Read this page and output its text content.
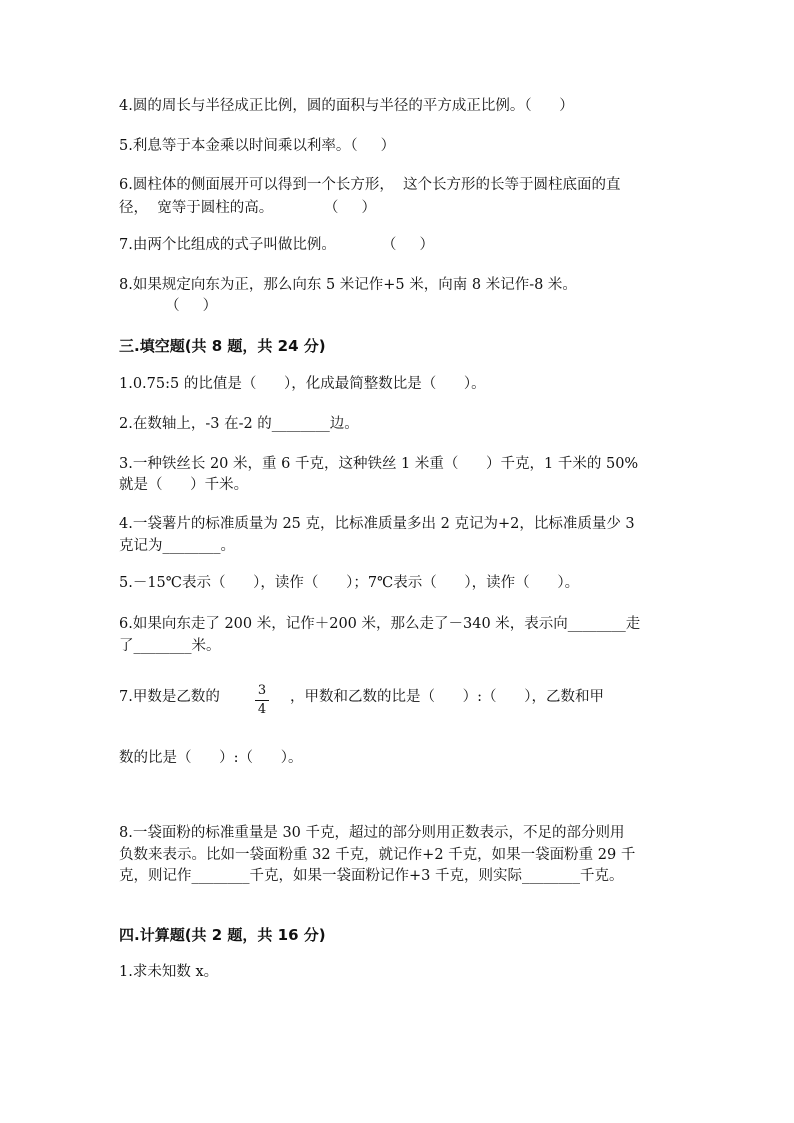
4.圆的周长与半径成正比例，圆的面积与半径的平方成正比例。（      ）
5.利息等于本金乘以时间乘以利率。（     ）
6.圆柱体的侧面展开可以得到一个长方形，  这个长方形的长等于圆柱底面的直
径，  宽等于圆柱的高。           （     ）
7.由两个比组成的式子叫做比例。          （     ）
8.如果规定向东为正，那么向东 5 米记作+5 米，向南 8 米记作-8 米。
（     ）
三.填空题(共 8 题，共 24 分)
1.0.75:5 的比值是（      ），化成最简整数比是（      ）。
2.在数轴上，-3 在-2 的________边。
3.一种铁丝长 20 米，重 6 千克，这种铁丝 1 米重（      ）千克，1 千米的 50%
就是（      ）千米。
4.一袋薯片的标准质量为 25 克，比标准质量多出 2 克记为+2，比标准质量少 3
克记为________。
5.－15℃表示（      ），读作（      ）；7℃表示（      ），读作（      ）。
6.如果向东走了 200 米，记作＋200 米，那么走了－340 米，表示向________走
了________米。
7.甲数是乙数的	3
4
，甲数和乙数的比是（      ）:（      ），乙数和甲
数的比是（      ）:（      ）。
8.一袋面粉的标准重量是 30 千克，超过的部分则用正数表示，不足的部分则用
负数来表示。比如一袋面粉重 32 千克，就记作+2 千克，如果一袋面粉重 29 千
克，则记作________千克，如果一袋面粉记作+3 千克，则实际________千克。
四.计算题(共 2 题，共 16 分)
1.求未知数 x。
